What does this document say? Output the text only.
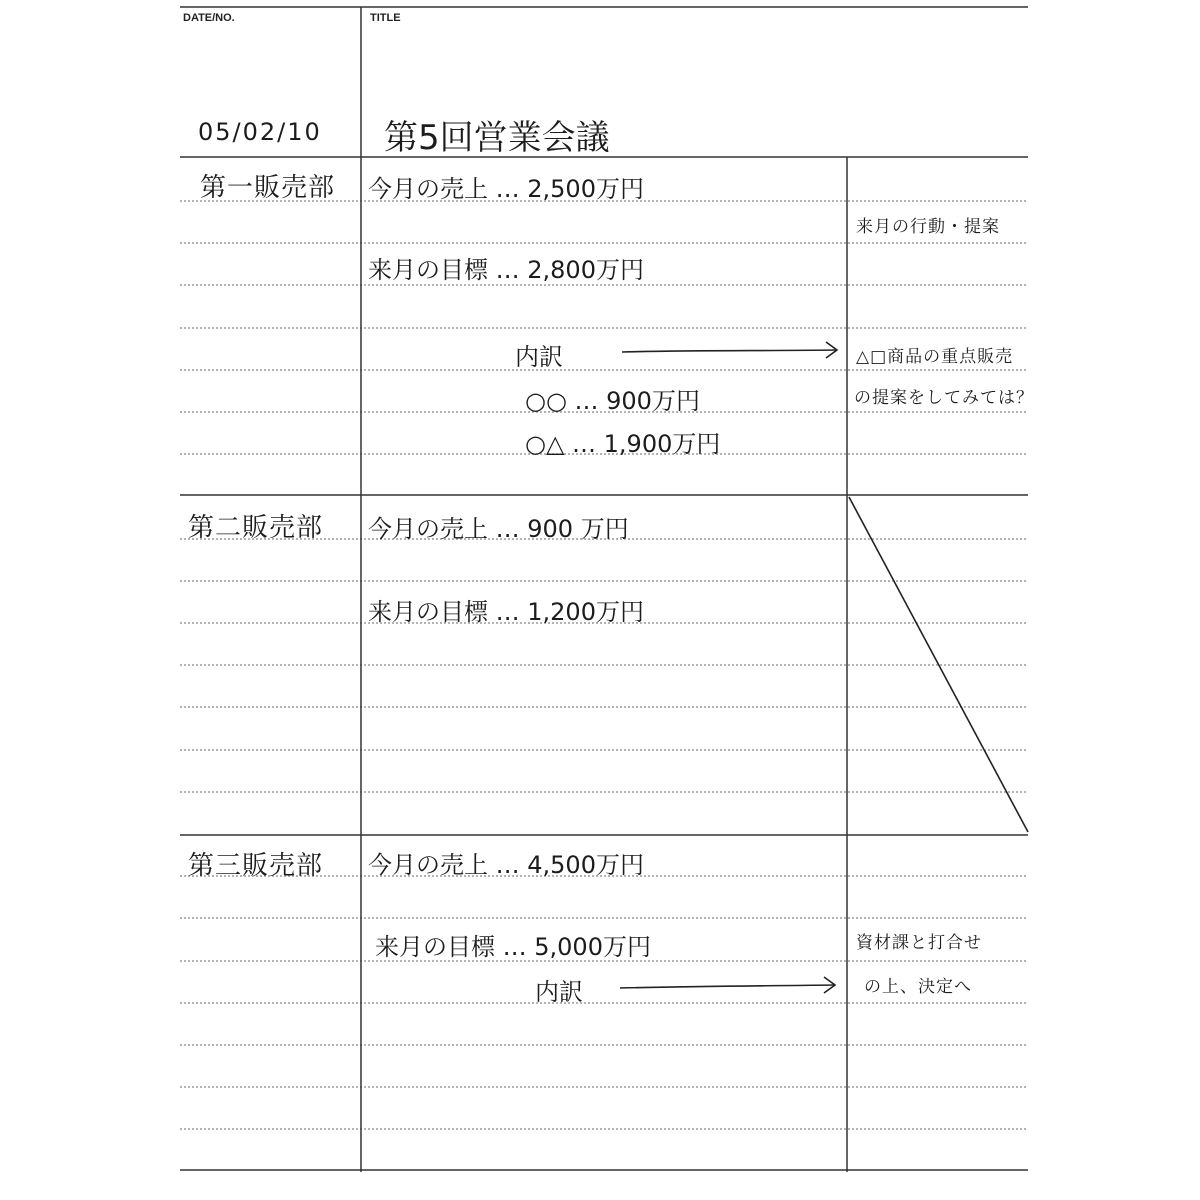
DATE/NO.	TITLE
05/02/10 第5回営業会議
第一販売部 今月の売上 … 2,500万円
来月の目標 … 2,800万円
内訳
○○ … 900万円
○△ … 1,900万円
来月の行動・提案
△□商品の重点販売
の提案をしてみては？
第二販売部 今月の売上 … 900 万円
来月の目標 … 1,200万円
第三販売部 今月の売上 … 4,500万円
来月の目標 … 5,000万円
内訳
資材課と打合せ
の上、決定へ
